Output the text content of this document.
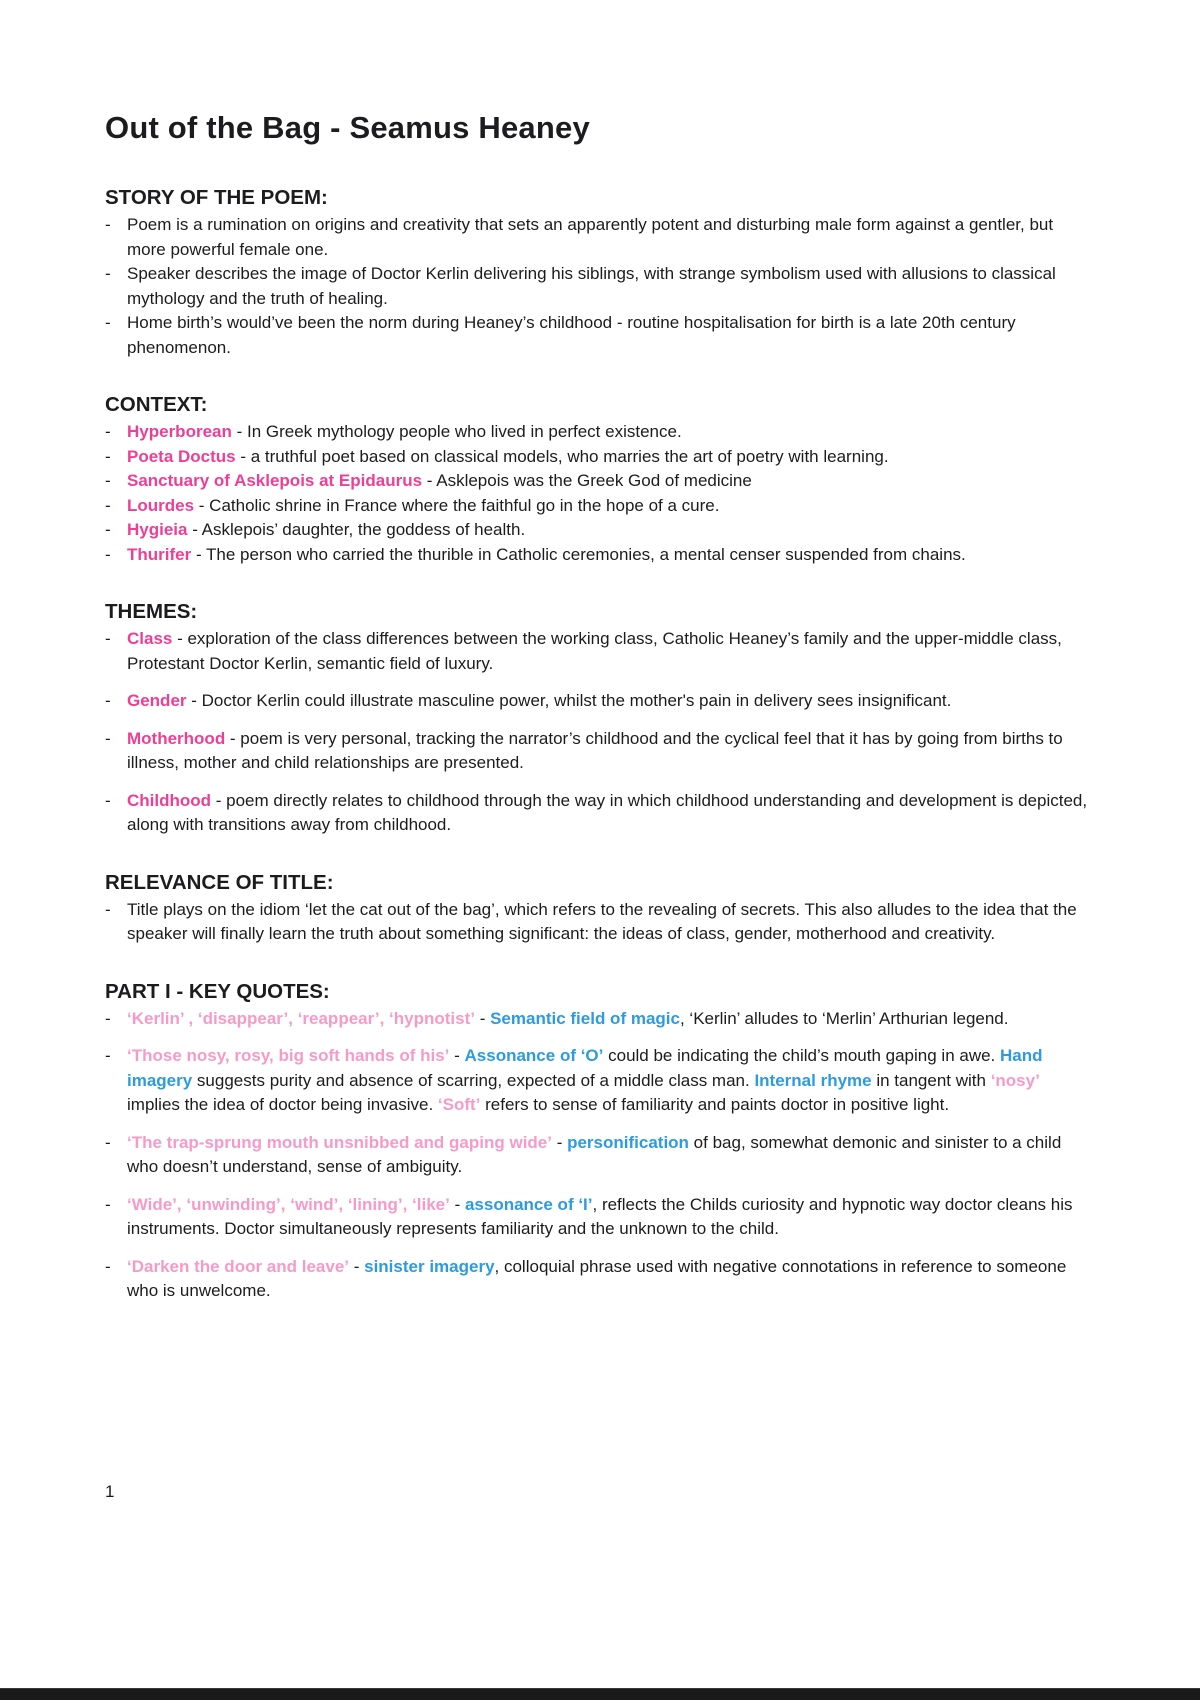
Out of the Bag - Seamus Heaney
STORY OF THE POEM:
- Poem is a rumination on origins and creativity that sets an apparently potent and disturbing male form against a gentler, but more powerful female one.
- Speaker describes the image of Doctor Kerlin delivering his siblings, with strange symbolism used with allusions to classical mythology and the truth of healing.
- Home birth’s would’ve been the norm during Heaney’s childhood - routine hospitalisation for birth is a late 20th century phenomenon.
CONTEXT:
- Hyperborean - In Greek mythology people who lived in perfect existence.
- Poeta Doctus - a truthful poet based on classical models, who marries the art of poetry with learning.
- Sanctuary of Asklepois at Epidaurus - Asklepois was the Greek God of medicine
- Lourdes - Catholic shrine in France where the faithful go in the hope of a cure.
- Hygieia - Asklepois’ daughter, the goddess of health.
- Thurifer - The person who carried the thurible in Catholic ceremonies, a mental censer suspended from chains.
THEMES:
- Class - exploration of the class differences between the working class, Catholic Heaney’s family and the upper-middle class, Protestant Doctor Kerlin, semantic field of luxury.
- Gender - Doctor Kerlin could illustrate masculine power, whilst the mother's pain in delivery sees insignificant.
- Motherhood - poem is very personal, tracking the narrator’s childhood and the cyclical feel that it has by going from births to illness, mother and child relationships are presented.
- Childhood - poem directly relates to childhood through the way in which childhood understanding and development is depicted, along with transitions away from childhood.
RELEVANCE OF TITLE:
- Title plays on the idiom ‘let the cat out of the bag’, which refers to the revealing of secrets. This also alludes to the idea that the speaker will finally learn the truth about something significant: the ideas of class, gender, motherhood and creativity.
PART I - KEY QUOTES:
- ‘Kerlin’ , ‘disappear’, ‘reappear’, ‘hypnotist’ - Semantic field of magic, ‘Kerlin’ alludes to ‘Merlin’ Arthurian legend.
- ‘Those nosy, rosy, big soft hands of his’ - Assonance of ‘O’ could be indicating the child’s mouth gaping in awe. Hand imagery suggests purity and absence of scarring, expected of a middle class man. Internal rhyme in tangent with ‘nosy’ implies the idea of doctor being invasive. ‘Soft’ refers to sense of familiarity and paints doctor in positive light.
- ‘The trap-sprung mouth unsnibbed and gaping wide’ - personification of bag, somewhat demonic and sinister to a child who doesn’t understand, sense of ambiguity.
- ‘Wide’, ‘unwinding’, ‘wind’, ‘lining’, ‘like’ - assonance of ‘I’, reflects the Childs curiosity and hypnotic way doctor cleans his instruments. Doctor simultaneously represents familiarity and the unknown to the child.
- ‘Darken the door and leave’ - sinister imagery, colloquial phrase used with negative connotations in reference to someone who is unwelcome.
1
